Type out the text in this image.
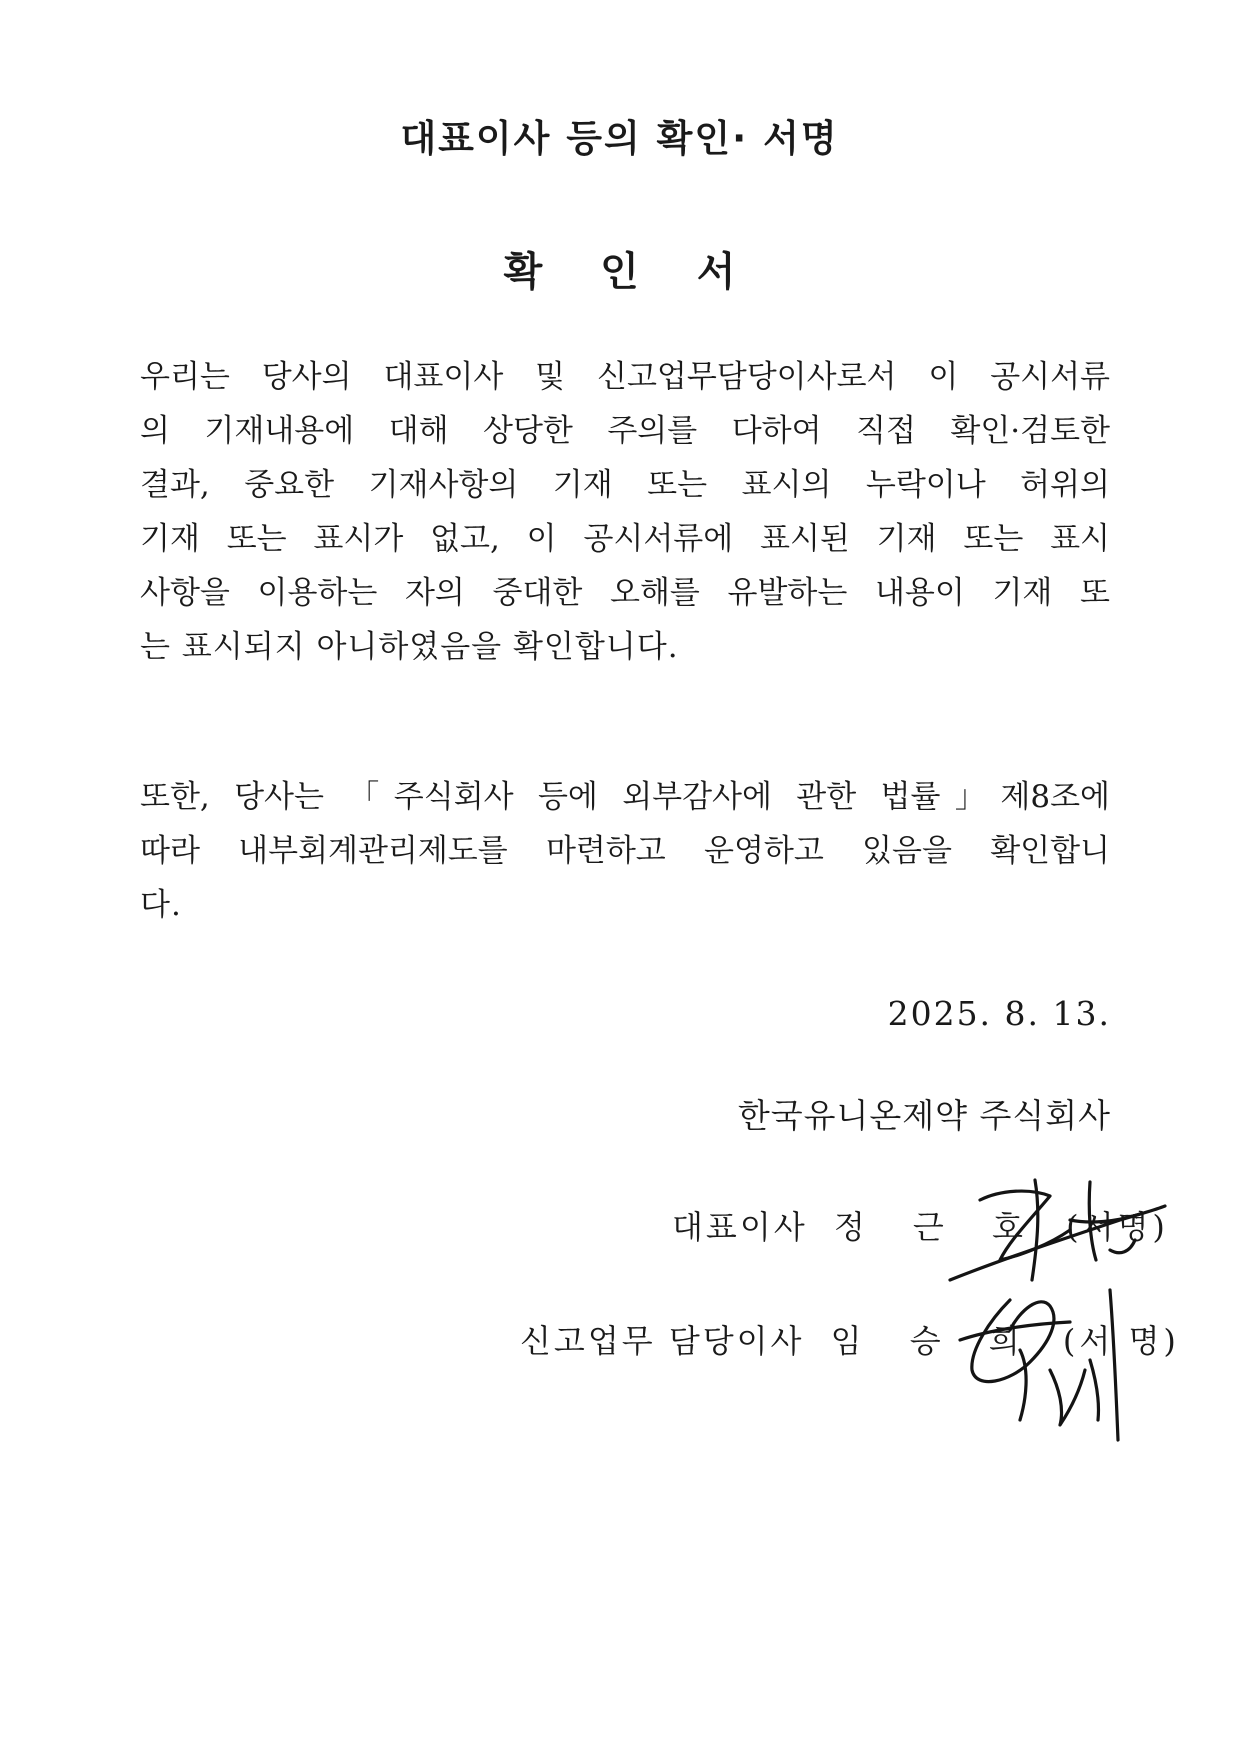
대표이사 등의 확인· 서명
확 인 서
우리는 당사의 대표이사 및 신고업무담당이사로서 이 공시서류
의 기재내용에 대해 상당한 주의를 다하여 직접 확인·검토한
결과, 중요한 기재사항의 기재 또는 표시의 누락이나 허위의
기재 또는 표시가 없고, 이 공시서류에 표시된 기재 또는 표시
사항을 이용하는 자의 중대한 오해를 유발하는 내용이 기재 또
는 표시되지 아니하였음을 확인합니다.
또한, 당사는 「주식회사 등에 외부감사에 관한 법률」제8조에
따라 내부회계관리제도를 마련하고 운영하고 있음을 확인합니
다.

2025. 8. 13.

한국유니온제약 주식회사

대표이사 정 근 호 (서명)

신고업무 담당이사 임 승 희 (서 명)
